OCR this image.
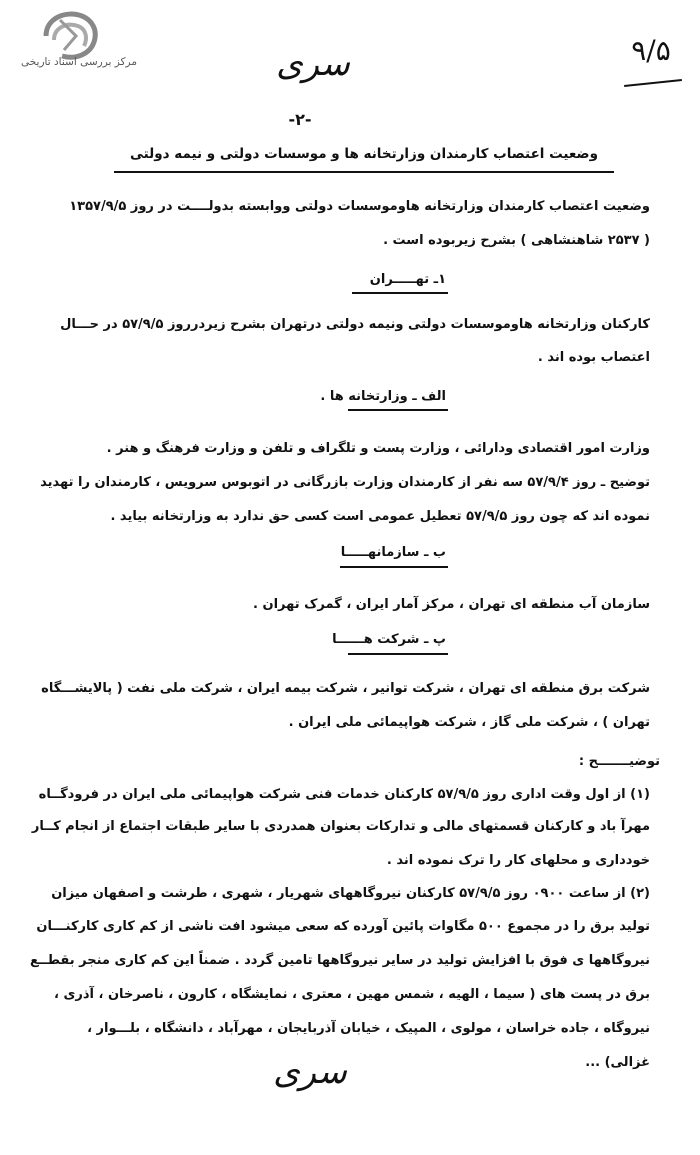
مرکز بررسی اسناد تاریخی	۹/۵
سری
-۲-
وضعیت اعتصاب کارمندان وزارتخانه ها و موسسات دولتی و نیمه دولتی
وضعیت اعتصاب کارمندان وزارتخانه هاوموسسات دولتی ووابسته بدولــــت در روز ۱۳۵۷/۹/۵
( ۲۵۳۷ شاهنشاهی ) بشرح زیربوده است .
۱ـ تهـــــران
کارکنان وزارتخانه هاوموسسات دولتی ونیمه دولتی درتهران بشرح زیردرروز ۵۷/۹/۵ در حـــال
اعتصاب بوده اند .
الف ـ وزارتخانه ها .
وزارت امور اقتصادی ودارائی ، وزارت پست و تلگراف و تلفن و وزارت فرهنگ و هنر .
توضیح ـ روز ۵۷/۹/۴ سه نفر از کارمندان وزارت بازرگانی در اتوبوس سرویس ، کارمندان را تهدید
نموده اند که چون روز ۵۷/۹/۵ تعطیل عمومی است کسی حق ندارد به وزارتخانه بیاید .
ب ـ سازمانهـــــا
سازمان آب منطقه ای تهران ، مرکز آمار ایران ، گمرک تهران .
پ ـ شرکت هــــــا
شرکت برق منطقه ای تهران ، شرکت توانیر ، شرکت بیمه ایران ، شرکت ملی نفت ( پالایشـــگاه
تهران ) ، شرکت ملی گاز ، شرکت هواپیمائی ملی ایران .
توضیـــــــح :
(۱) از اول وقت اداری روز ۵۷/۹/۵ کارکنان خدمات فنی شرکت هواپیمائی ملی ایران در فرودگــاه
مهرآ باد و کارکنان قسمتهای مالی و تدارکات بعنوان همدردی با سایر طبقات اجتماع از انجام کــار
خودداری و محلهای کار را ترک نموده اند .
(۲) از ساعت ۰۹۰۰ روز ۵۷/۹/۵ کارکنان نیروگاههای شهریار ، شهری ، طرشت و اصفهان میزان
تولید برق را در مجموع ۵۰۰ مگاوات پائین آورده که سعی میشود افت ناشی از کم کاری کارکنـــان
نیروگاهها ی فوق با افزایش تولید در سایر نیروگاهها تامین گردد . ضمناً این کم کاری منجر بقطــع
برق در پست های ( سیما ، الهیه ، شمس مهین ، معتری ، نمایشگاه ، کارون ، ناصرخان ، آذری ،
نیروگاه ، جاده خراسان ، مولوی ، المپیک ، خیابان آذربایجان ، مهرآباد ، دانشگاه ، بلـــوار ،
غزالی) ...
سری
